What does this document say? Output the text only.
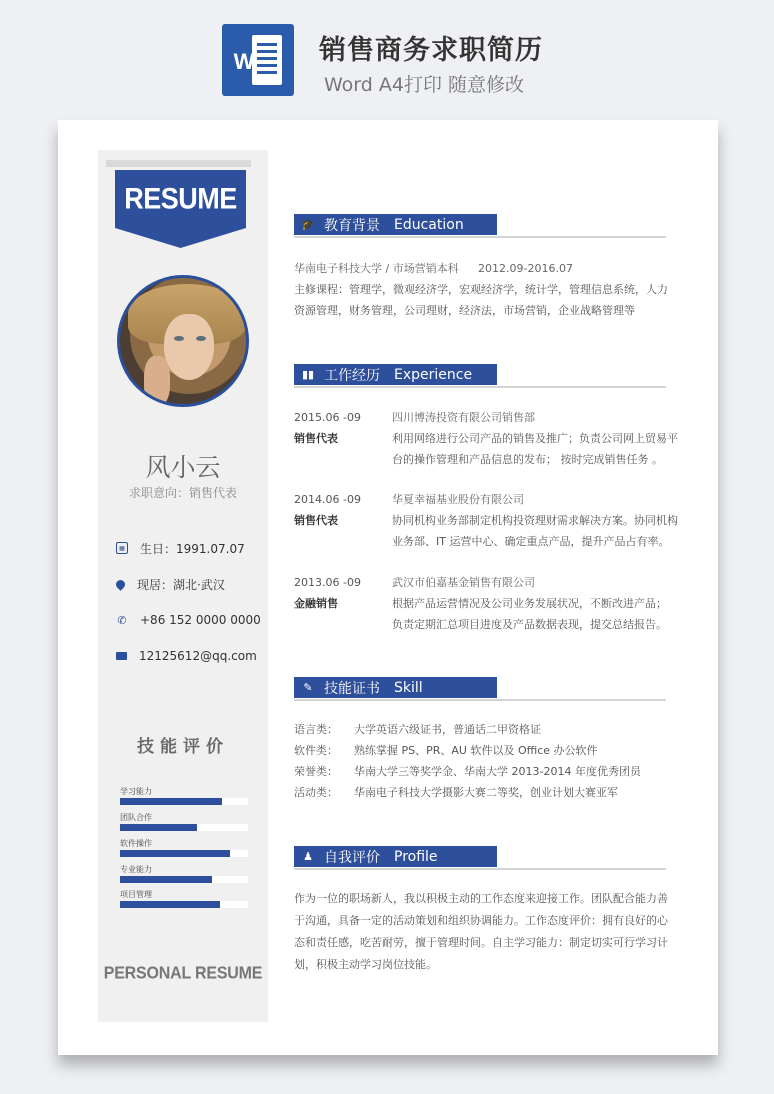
W 销售商务求职简历
Word A4打印 随意修改
RESUME
风小云
求职意向：销售代表
▦ 生日：1991.07.07
现居：湖北·武汉
✆ +86 152 0000 0000
12125612@qq.com
技能评价
学习能力
团队合作
软件操作
专业能力
项目管理
PERSONAL RESUME
🎓 教育背景 Education
华南电子科技大学 / 市场营销本科 2012.09-2016.07
主修课程：管理学，微观经济学，宏观经济学，统计学，管理信息系统，人力
资源管理，财务管理，公司理财，经济法，市场营销，企业战略管理等
▮▮ 工作经历 Experience
2015.06 -09	四川博涛投资有限公司销售部
销售代表	利用网络进行公司产品的销售及推广；负责公司网上贸易平
台的操作管理和产品信息的发布； 按时完成销售任务 。
2014.06 -09	华夏幸福基业股份有限公司
销售代表	协同机构业务部制定机构投资理财需求解决方案。协同机构
业务部、IT 运营中心、确定重点产品，提升产品占有率。
2013.06 -09	武汉市伯嘉基金销售有限公司
金融销售	根据产品运营情况及公司业务发展状况，不断改进产品；
负责定期汇总项目进度及产品数据表现，提交总结报告。
✎ 技能证书 Skill
语言类： 大学英语六级证书，普通话二甲资格证
软件类： 熟练掌握 PS、PR、AU 软件以及 Office 办公软件
荣誉类： 华南大学三等奖学金、华南大学 2013-2014 年度优秀团员
活动类： 华南电子科技大学摄影大赛二等奖，创业计划大赛亚军
♟ 自我评价 Profile
作为一位的职场新人，我以积极主动的工作态度来迎接工作。团队配合能力善
于沟通，具备一定的活动策划和组织协调能力。工作态度评价：拥有良好的心
态和责任感，吃苦耐劳，擅于管理时间。自主学习能力：制定切实可行学习计
划，积极主动学习岗位技能。
